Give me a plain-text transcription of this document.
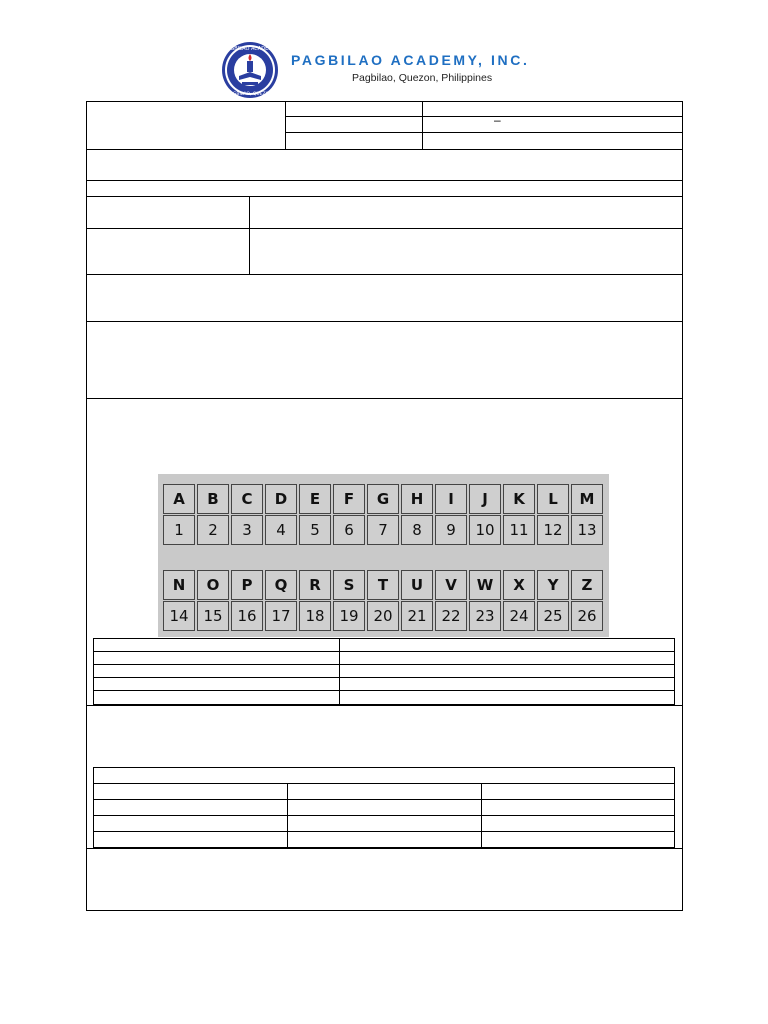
PAGBILAO ACADEMY
PAGBILAO, QUEZON
PAGBILAO ACADEMY, INC.
Pagbilao, Quezon, Philippines
–
A	B	C	D	E	F	G	H	I	J	K	L	M
1	2	3	4	5	6	7	8	9	10 11 12 13
N	O	P	Q	R	S	T	U	V	W	X	Y	Z
14 15 16 17 18 19 20 21 22 23 24 25 26
